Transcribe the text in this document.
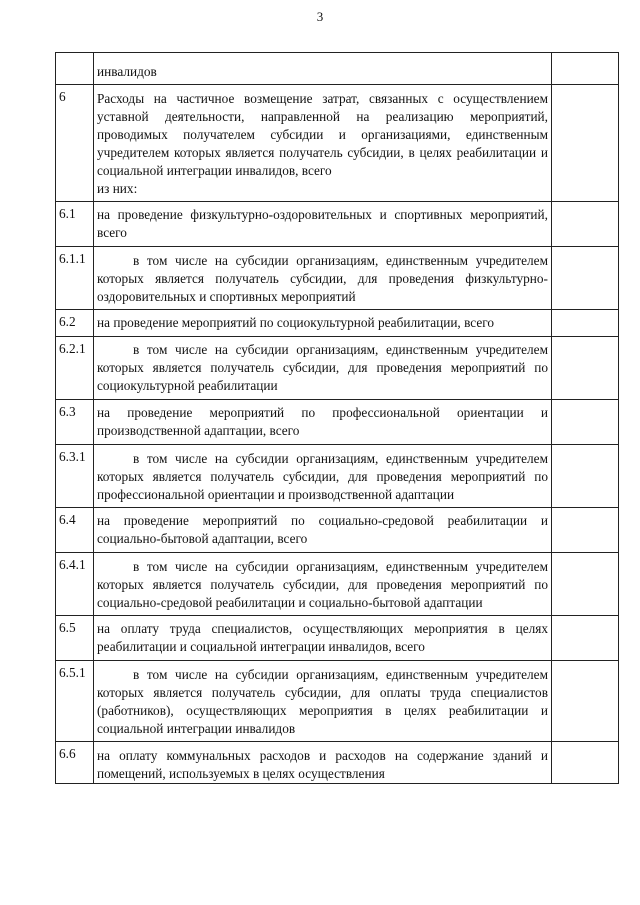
3
	инвалидов	
6	Расходы на частичное возмещение затрат, связанных с осуществлением уставной деятельности, направленной на реализацию мероприятий, проводимых получателем субсидии и организациями, единственным учредителем которых является получатель субсидии, в целях реабилитации и социальной интеграции инвалидов, всего
из них:	

6.1	на проведение физкультурно-оздоровительных и спортивных мероприятий, всего	
6.1.1	в том числе на субсидии организациям, единственным учредителем которых является получатель субсидии, для проведения физкультурно-оздоровительных и спортивных мероприятий	
6.2	на проведение мероприятий по социокультурной реабилитации, всего	
6.2.1	в том числе на субсидии организациям, единственным учредителем которых является получатель субсидии, для проведения мероприятий по социокультурной реабилитации	
6.3	на проведение мероприятий по профессиональной ориентации и производственной адаптации, всего	
6.3.1	в том числе на субсидии организациям, единственным учредителем которых является получатель субсидии, для проведения мероприятий по профессиональной ориентации и производственной адаптации	
6.4	на проведение мероприятий по социально-средовой реабилитации и социально-бытовой адаптации, всего	
6.4.1	в том числе на субсидии организациям, единственным учредителем которых является получатель субсидии, для проведения мероприятий по социально-средовой реабилитации и социально-бытовой адаптации	
6.5	на оплату труда специалистов, осуществляющих мероприятия в целях реабилитации и социальной интеграции инвалидов, всего	
6.5.1	в том числе на субсидии организациям, единственным учредителем которых является получатель субсидии, для оплаты труда специалистов (работников), осуществляющих мероприятия в целях реабилитации и социальной интеграции инвалидов	
6.6	на оплату коммунальных расходов и расходов на содержание зданий и помещений, используемых в целях осуществления	
